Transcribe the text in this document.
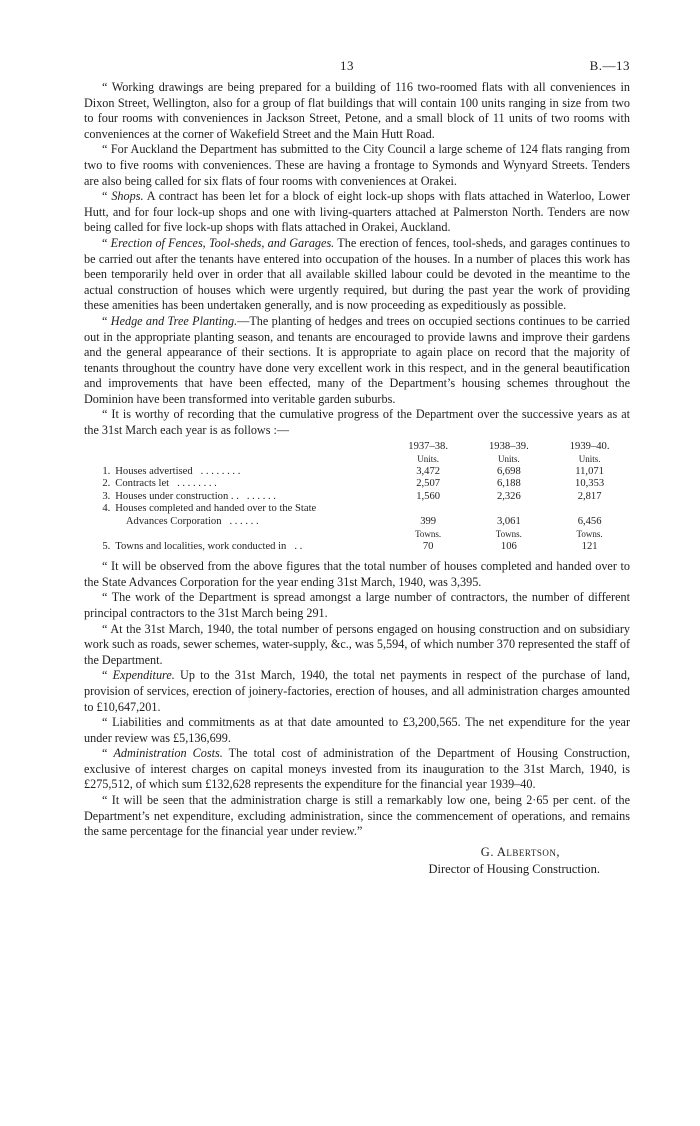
13	B.—13

“ Working drawings are being prepared for a building of 116 two-roomed flats with all conveniences in Dixon Street, Wellington, also for a group of flat buildings that will contain 100 units ranging in size from two to four rooms with conveniences in Jackson Street, Petone, and a small block of 11 units of two rooms with conveniences at the corner of Wakefield Street and the Main Hutt Road.

“ For Auckland the Department has submitted to the City Council a large scheme of 124 flats ranging from two to five rooms with conveniences. These are having a frontage to Symonds and Wynyard Streets. Tenders are also being called for six flats of four rooms with conveniences at Orakei.

“ Shops. A contract has been let for a block of eight lock-up shops with flats attached in Waterloo, Lower Hutt, and for four lock-up shops and one with living-quarters attached at Palmerston North. Tenders are now being called for five lock-up shops with flats attached in Orakei, Auckland.

“ Erection of Fences, Tool-sheds, and Garages. The erection of fences, tool-sheds, and garages continues to be carried out after the tenants have entered into occupation of the houses. In a number of places this work has been temporarily held over in order that all available skilled labour could be devoted in the meantime to the actual construction of houses which were urgently required, but during the past year the work of providing these amenities has been undertaken generally, and is now proceeding as expeditiously as possible.

“ Hedge and Tree Planting.—The planting of hedges and trees on occupied sections continues to be carried out in the appropriate planting season, and tenants are encouraged to provide lawns and improve their gardens and the general appearance of their sections. It is appropriate to again place on record that the majority of tenants throughout the country have done very excellent work in this respect, and in the general beautification and improvements that have been effected, many of the Department’s housing schemes throughout the Dominion have been transformed into veritable garden suburbs.

“ It is worthy of recording that the cumulative progress of the Department over the successive years as at the 31st March each year is as follows :—

		1937–38.	1938–39.	1939–40.
		Units.	Units.	Units.
1.	Houses advertised . . . . . . . .	3,472	6,698	11,071
2.	Contracts let . . . . . . . .	2,507	6,188	10,353
3.	Houses under construction . . . . . . . .	1,560	2,326	2,817
4.	Houses completed and handed over to the State			
	Advances Corporation . . . . . .	399	3,061	6,456
		Towns.	Towns.	Towns.
5.	Towns and localities, work conducted in . .	70	106	121

“ It will be observed from the above figures that the total number of houses completed and handed over to the State Advances Corporation for the year ending 31st March, 1940, was 3,395.

“ The work of the Department is spread amongst a large number of contractors, the number of different principal contractors to the 31st March being 291.

“ At the 31st March, 1940, the total number of persons engaged on housing construction and on subsidiary work such as roads, sewer schemes, water-supply, &c., was 5,594, of which number 370 represented the staff of the Department.

“ Expenditure. Up to the 31st March, 1940, the total net payments in respect of the purchase of land, provision of services, erection of joinery-factories, erection of houses, and all administration charges amounted to £10,647,201.

“ Liabilities and commitments as at that date amounted to £3,200,565. The net expenditure for the year under review was £5,136,699.

“ Administration Costs. The total cost of administration of the Department of Housing Construction, exclusive of interest charges on capital moneys invested from its inauguration to the 31st March, 1940, is £275,512, of which sum £132,628 represents the expenditure for the financial year 1939–40.

“ It will be seen that the administration charge is still a remarkably low one, being 2·65 per cent. of the Department’s net expenditure, excluding administration, since the commencement of operations, and remains the same percentage for the financial year under review.”

G. Albertson,
Director of Housing Construction.
